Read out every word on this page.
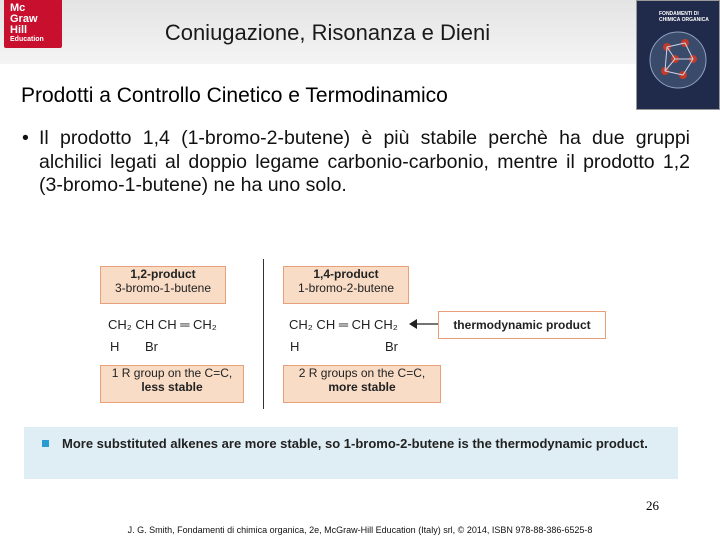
Mc
Graw
Hill
Education	Coniugazione, Risonanza e Dieni
FONDAMENTI DI CHIMICA ORGANICA
Prodotti a Controllo Cinetico e Termodinamico
• Il prodotto 1,4 (1-bromo-2-butene) è più stabile perchè ha due gruppi alchilici legati al doppio legame carbonio-carbonio, mentre il prodotto 1,2 (3-bromo-1-butene) ne ha uno solo.
1,2-product
3-bromo-1-butene
1,4-product
1-bromo-2-butene
CH₂ CH CH ═ CH₂
H Br
CH₂ CH ═ CH CH₂
H	Br
thermodynamic product
1 R group on the C=C,
less stable
2 R groups on the C=C,
more stable
More substituted alkenes are more stable, so 1-bromo-2-butene is the thermodynamic product.
26
J. G. Smith, Fondamenti di chimica organica, 2e, McGraw-Hill Education (Italy) srl, © 2014, ISBN 978-88-386-6525-8
